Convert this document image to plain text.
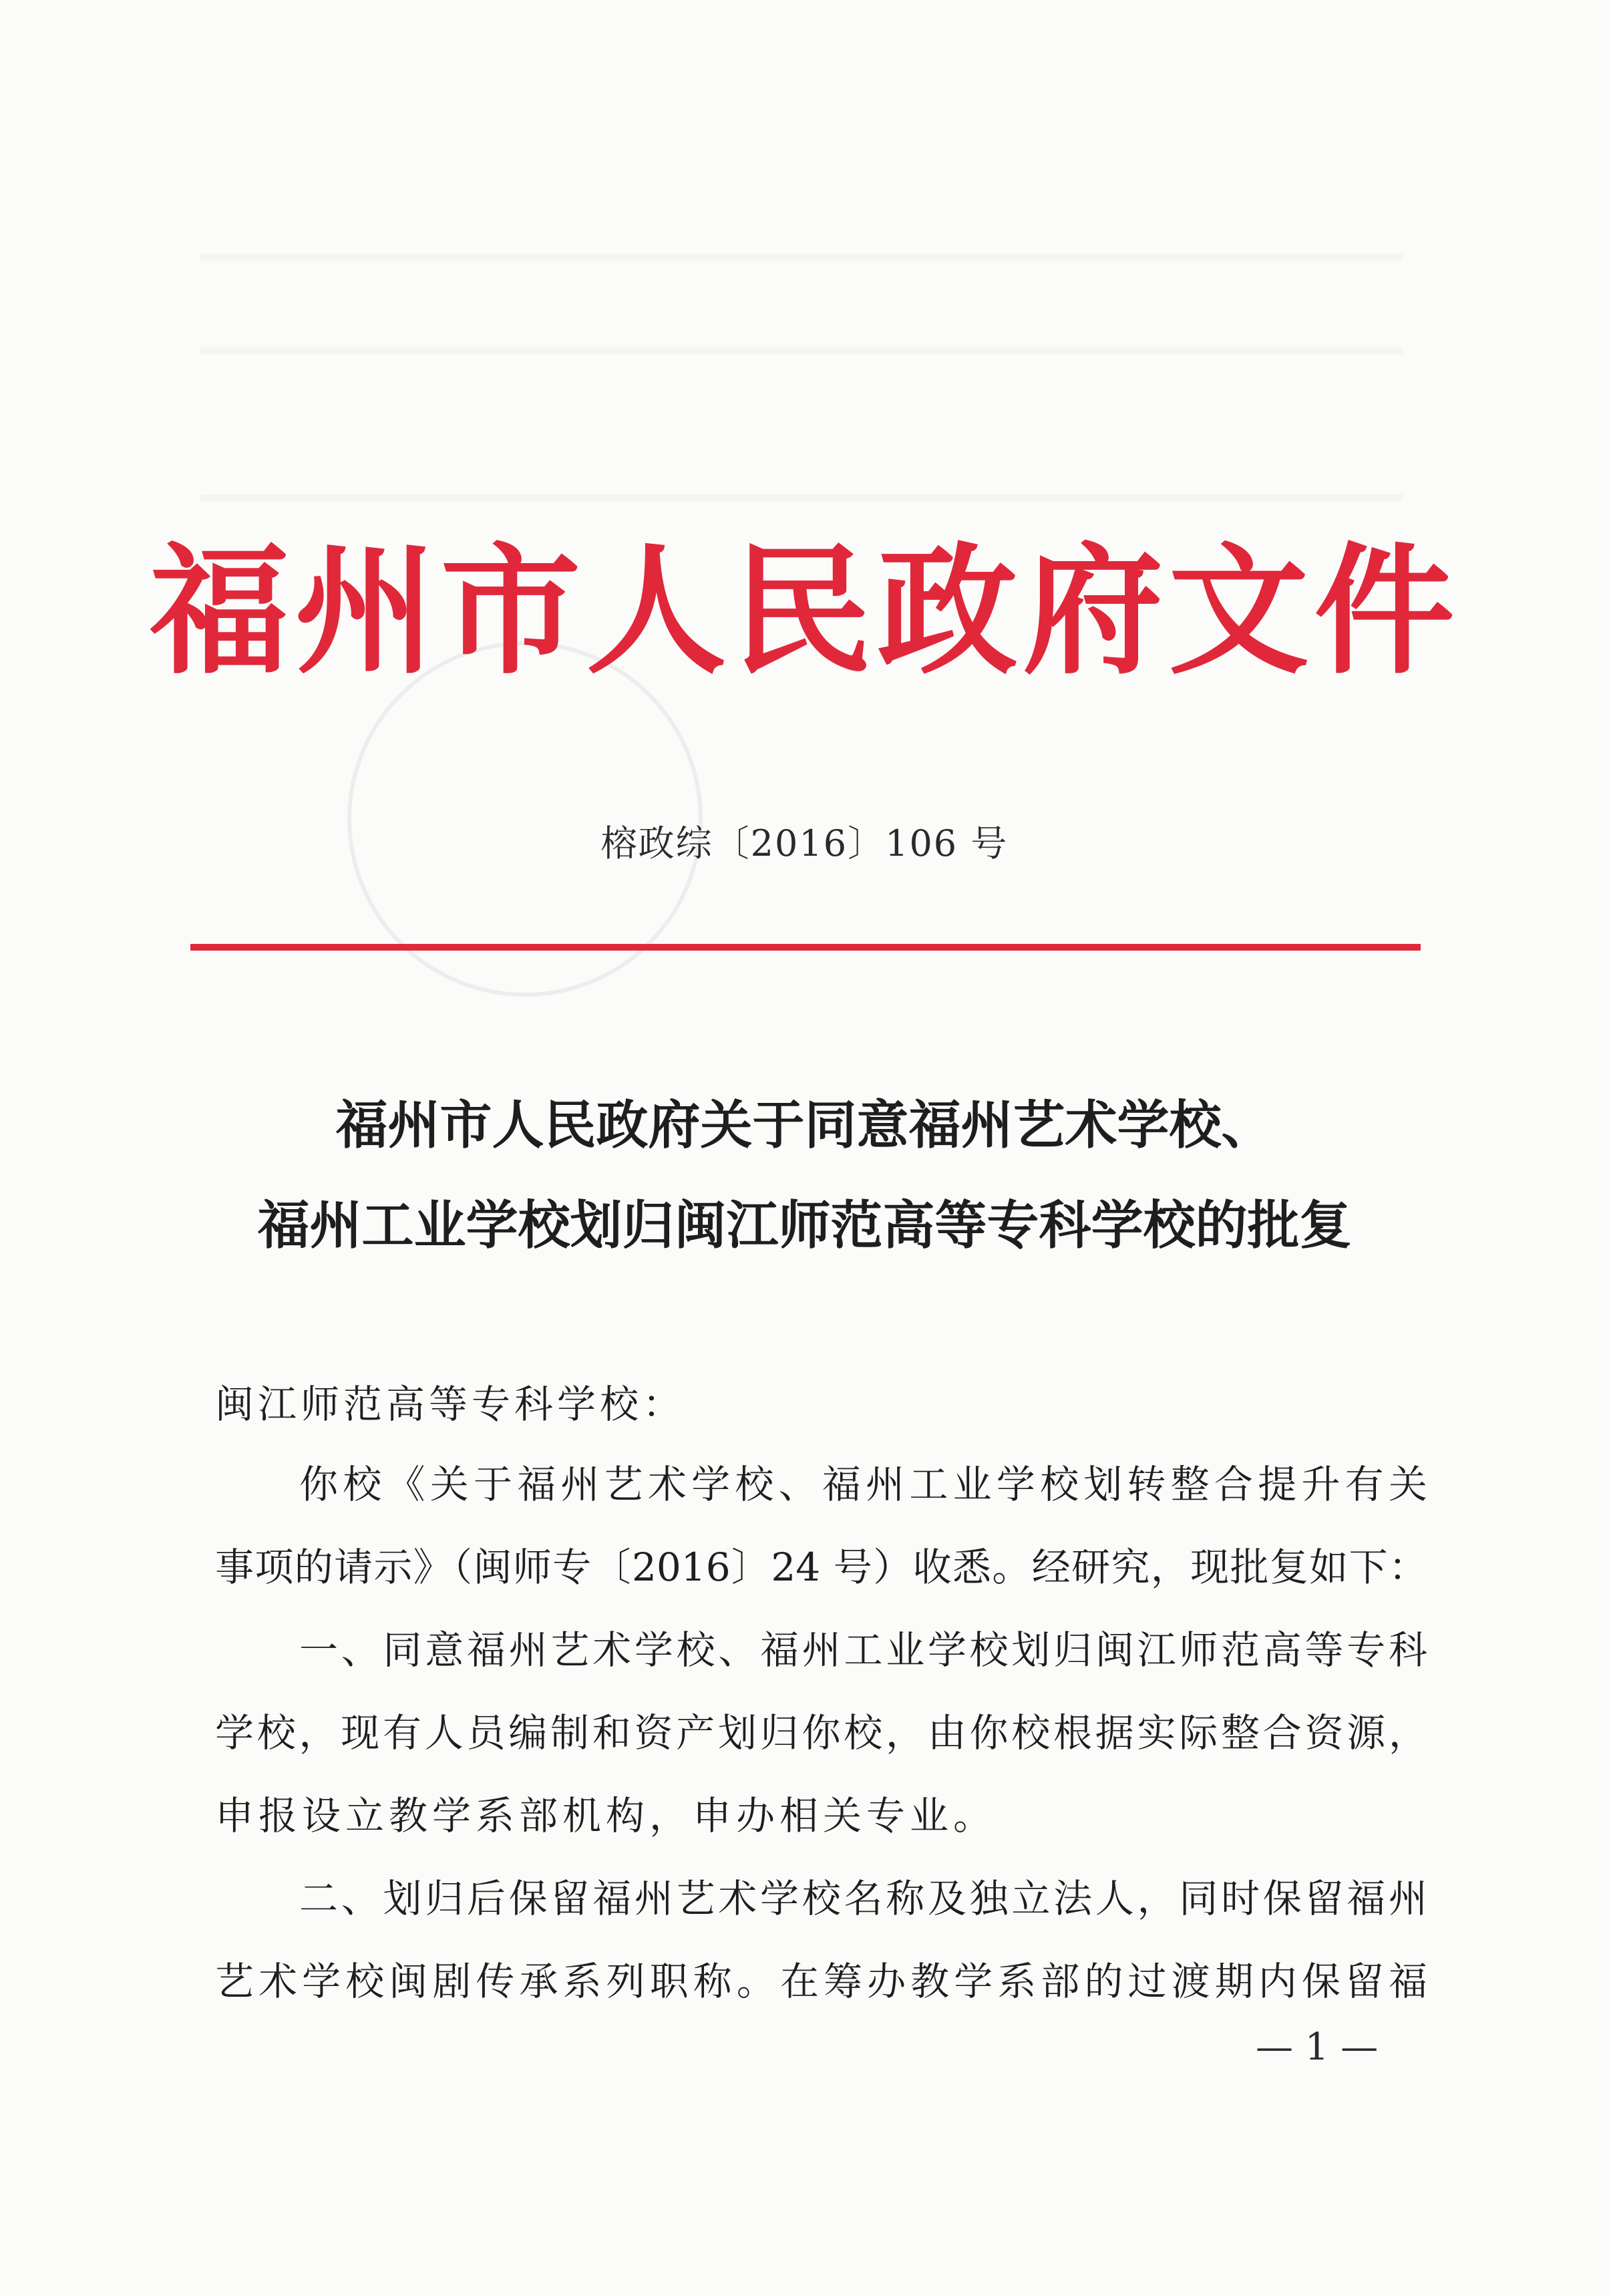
福州市人民政府文件
榕政综〔2016〕106 号
福州市人民政府关于同意福州艺术学校、
福州工业学校划归闽江师范高等专科学校的批复
闽江师范高等专科学校：
你校《关于福州艺术学校、福州工业学校划转整合提升有关
事项的请示》（闽师专〔2016〕24 号）收悉。经研究，现批复如下：
一、同意福州艺术学校、福州工业学校划归闽江师范高等专科
学校，现有人员编制和资产划归你校，由你校根据实际整合资源，
申报设立教学系部机构，申办相关专业。
二、划归后保留福州艺术学校名称及独立法人，同时保留福州
艺术学校闽剧传承系列职称。在筹办教学系部的过渡期内保留福
— 1 —
